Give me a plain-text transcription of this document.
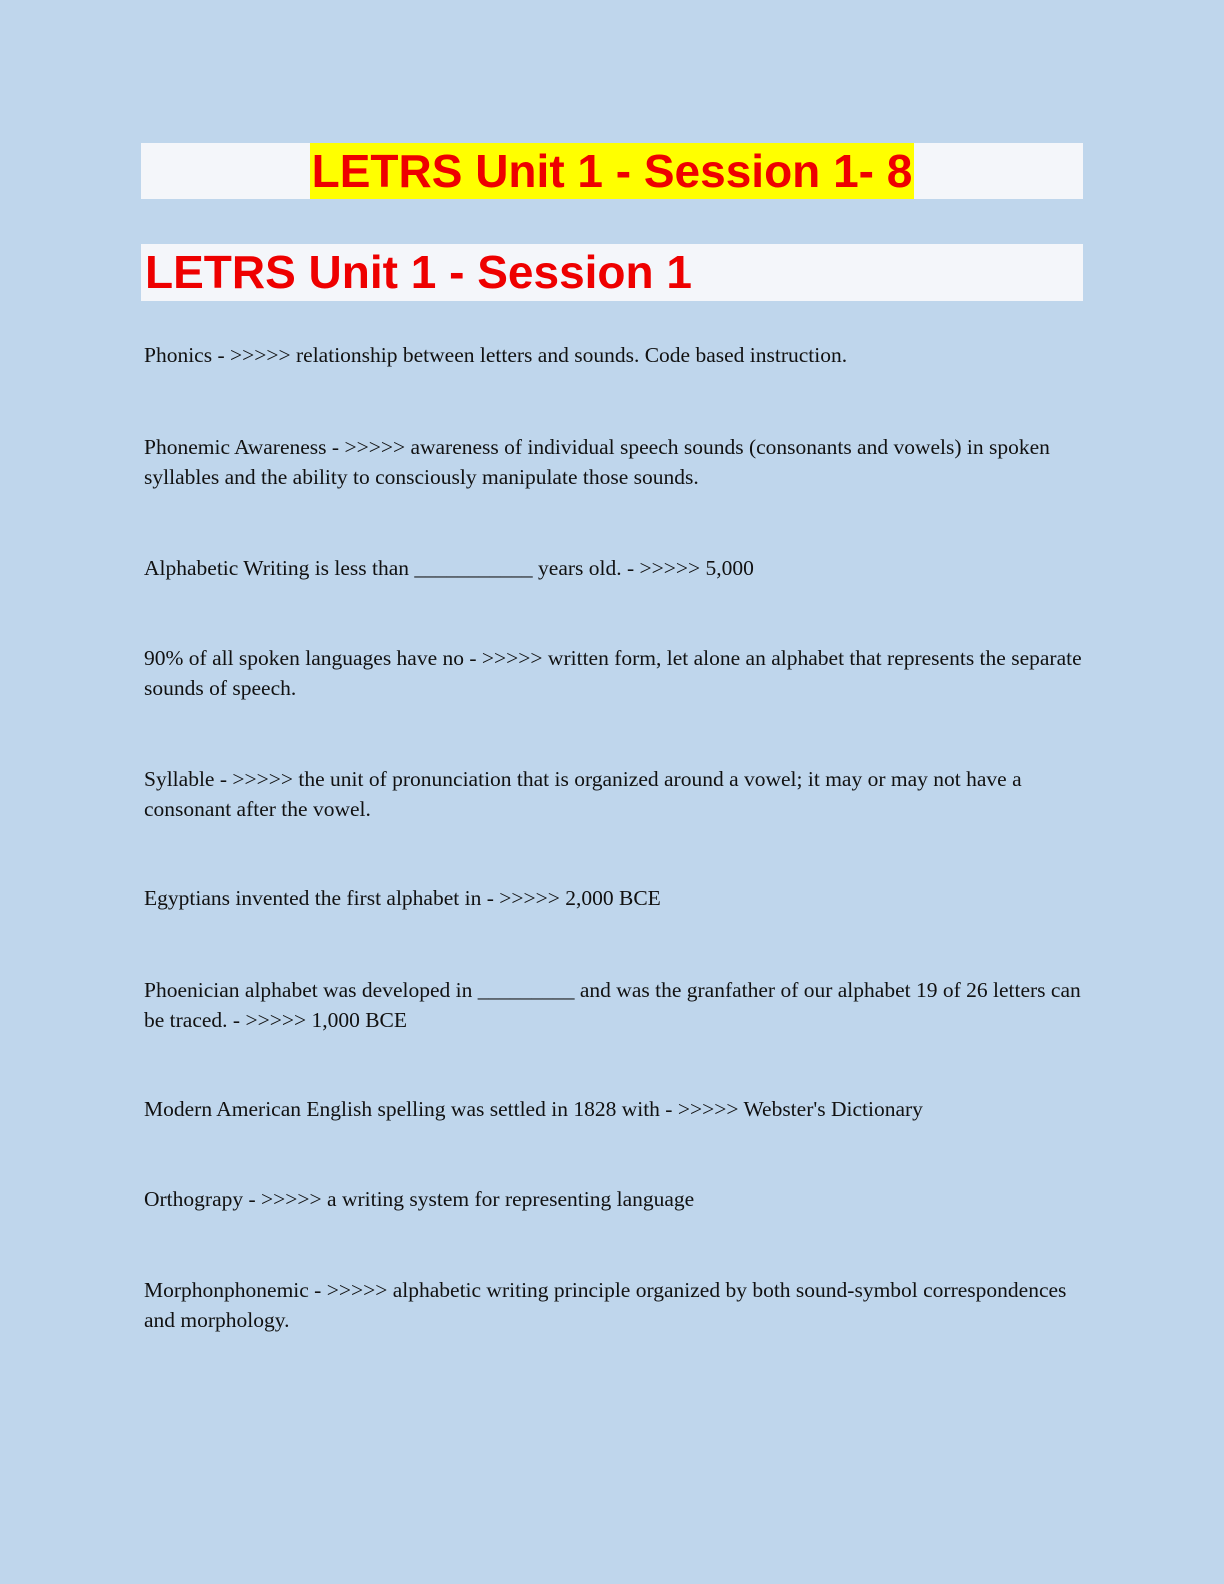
LETRS Unit 1 - Session 1- 8
LETRS Unit 1 - Session 1

Phonics - >>>>> relationship between letters and sounds. Code based instruction.

Phonemic Awareness - >>>>> awareness of individual speech sounds (consonants and vowels) in spoken syllables and the ability to consciously manipulate those sounds.

Alphabetic Writing is less than ___________ years old. - >>>>> 5,000

90% of all spoken languages have no - >>>>> written form, let alone an alphabet that represents the separate sounds of speech.

Syllable - >>>>> the unit of pronunciation that is organized around a vowel; it may or may not have a consonant after the vowel.

Egyptians invented the first alphabet in - >>>>> 2,000 BCE

Phoenician alphabet was developed in _________ and was the granfather of our alphabet 19 of 26 letters can be traced. - >>>>> 1,000 BCE

Modern American English spelling was settled in 1828 with - >>>>> Webster's Dictionary

Orthograpy - >>>>> a writing system for representing language

Morphonphonemic - >>>>> alphabetic writing principle organized by both sound-symbol correspondences and morphology.
